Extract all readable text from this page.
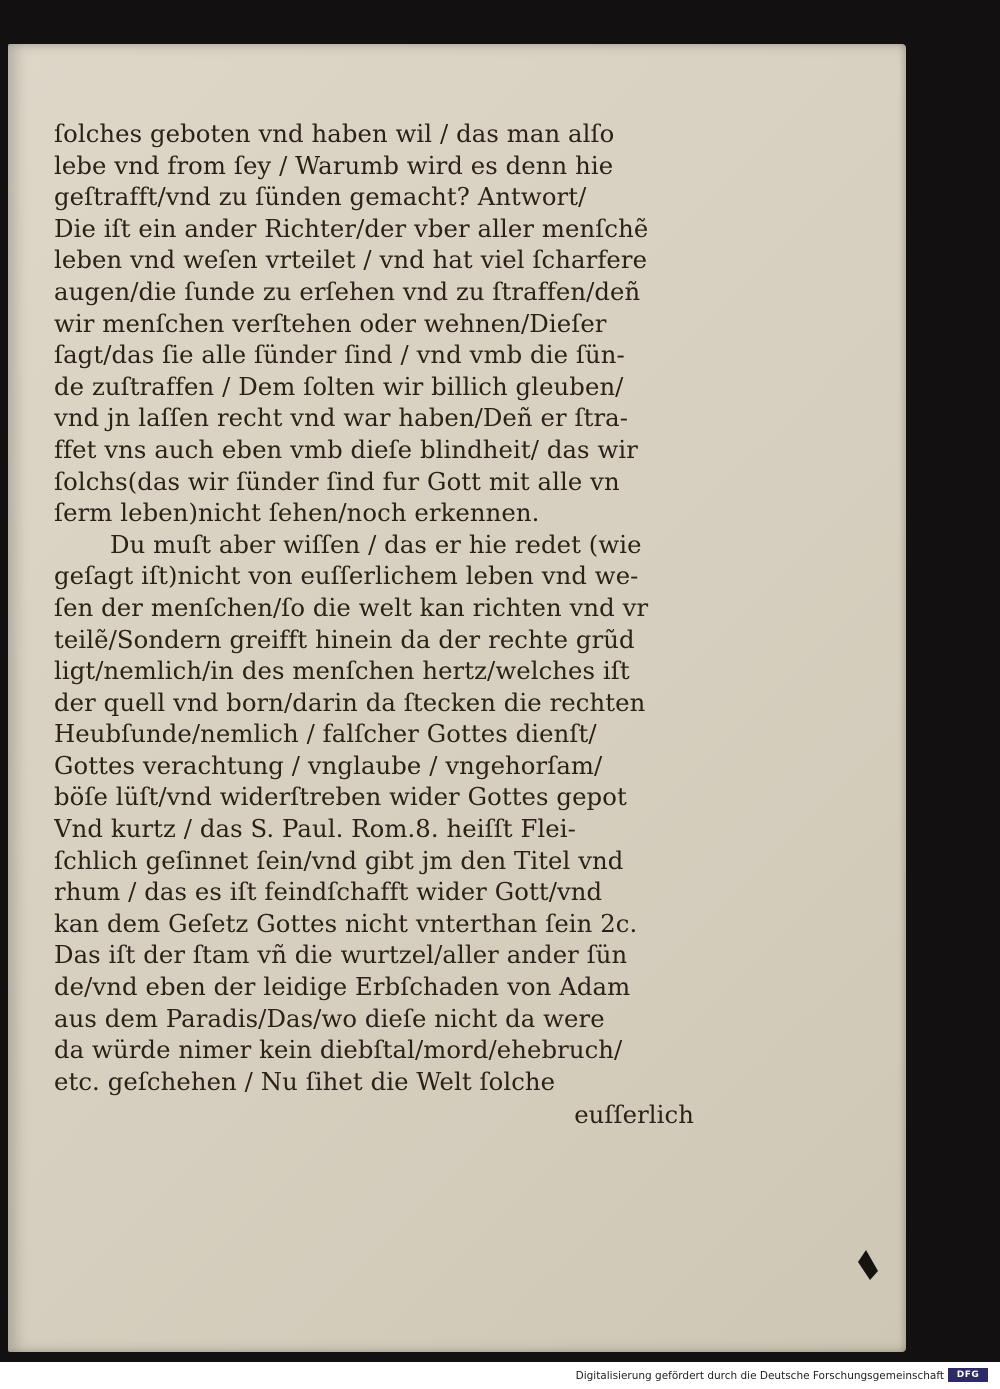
ſolches geboten vnd haben wil / das man alſo
lebe vnd from ſey / Warumb wird es denn hie
geſtrafft/vnd zu ſünden gemacht? Antwort/
Die iſt ein ander Richter/der vber aller menſchẽ
leben vnd weſen vrteilet / vnd hat viel ſcharfere
augen/die ſunde zu erſehen vnd zu ſtraffen/deñ
wir menſchen verſtehen oder wehnen/Dieſer
ſagt/das ſie alle ſünder ſind / vnd vmb die ſün-
de zuſtraffen / Dem ſolten wir billich gleuben/
vnd jn laſſen recht vnd war haben/Deñ er ſtra-
ffet vns auch eben vmb dieſe blindheit/ das wir
ſolchs(das wir ſünder ſind fur Gott mit alle vn
ſerm leben)nicht ſehen/noch erkennen.
Du muſt aber wiſſen / das er hie redet (wie
geſagt iſt)nicht von euſſerlichem leben vnd we-
ſen der menſchen/ſo die welt kan richten vnd vr
teilẽ/Sondern greifft hinein da der rechte grũd
ligt/nemlich/in des menſchen hertz/welches iſt
der quell vnd born/darin da ſtecken die rechten
Heubſunde/nemlich / falſcher Gottes dienſt/
Gottes verachtung / vnglaube / vngehorſam/
böſe lüſt/vnd widerſtreben wider Gottes gepot
Vnd kurtz / das S. Paul. Rom.8. heiſſt Flei-
ſchlich geſinnet ſein/vnd gibt jm den Titel vnd
rhum / das es iſt feindſchafft wider Gott/vnd
kan dem Geſetz Gottes nicht vnterthan ſein 2c.
Das iſt der ſtam vñ die wurtzel/aller ander ſün
de/vnd eben der leidige Erbſchaden von Adam
aus dem Paradis/Das/wo dieſe nicht da were
da würde nimer kein diebſtal/mord/ehebruch/
etc. geſchehen / Nu ſihet die Welt ſolche
euſſerlich
Digitalisierung gefördert durch die Deutsche Forschungsgemeinschaft	DFG
